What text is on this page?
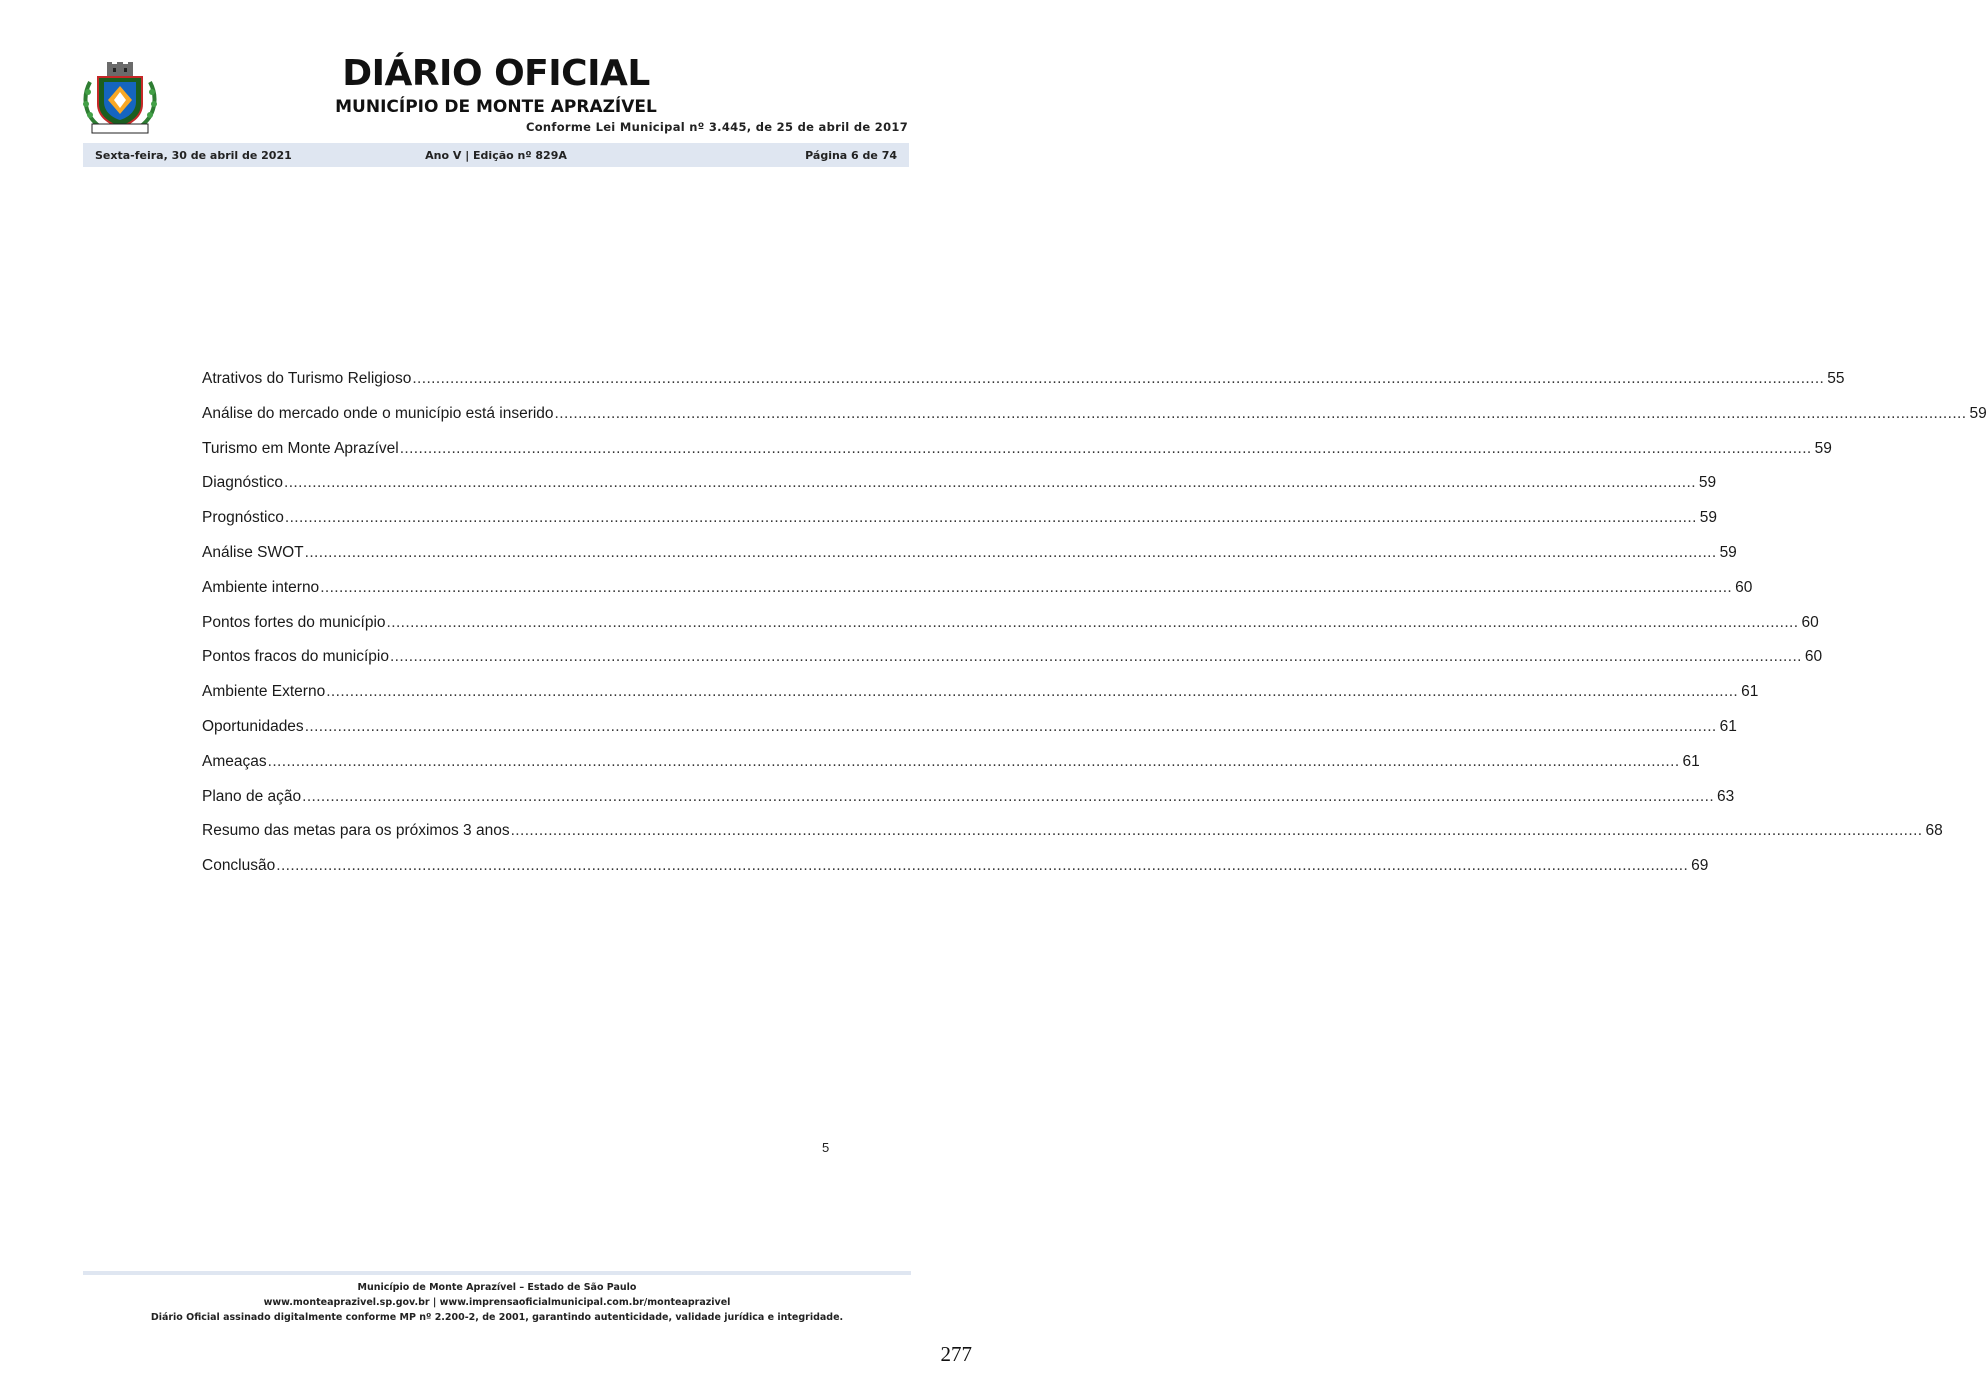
DIÁRIO OFICIAL
MUNICÍPIO DE MONTE APRAZÍVEL
Conforme Lei Municipal nº 3.445, de 25 de abril de 2017
Sexta-feira, 30 de abril de 2021	Ano V | Edição nº 829A	Página 6 de 74
Atrativos do Turismo Religioso ............................................................................................................................................................................................................................................................................................................ 55
Análise do mercado onde o município está inserido ............................................................................................................................................................................................................................................................................................................ 59
Turismo em Monte Aprazível ............................................................................................................................................................................................................................................................................................................ 59
Diagnóstico ............................................................................................................................................................................................................................................................................................................ 59
Prognóstico ............................................................................................................................................................................................................................................................................................................ 59
Análise SWOT ............................................................................................................................................................................................................................................................................................................ 59
Ambiente interno ............................................................................................................................................................................................................................................................................................................ 60
Pontos fortes do município ............................................................................................................................................................................................................................................................................................................ 60
Pontos fracos do município ............................................................................................................................................................................................................................................................................................................ 60
Ambiente Externo ............................................................................................................................................................................................................................................................................................................ 61
Oportunidades ............................................................................................................................................................................................................................................................................................................ 61
Ameaças ............................................................................................................................................................................................................................................................................................................ 61
Plano de ação ............................................................................................................................................................................................................................................................................................................ 63
Resumo das metas para os próximos 3 anos ............................................................................................................................................................................................................................................................................................................ 68
Conclusão ............................................................................................................................................................................................................................................................................................................ 69
5
Município de Monte Aprazível – Estado de São Paulo
www.monteaprazivel.sp.gov.br | www.imprensaoficialmunicipal.com.br/monteaprazivel
Diário Oficial assinado digitalmente conforme MP nº 2.200-2, de 2001, garantindo autenticidade, validade jurídica e integridade.
277
